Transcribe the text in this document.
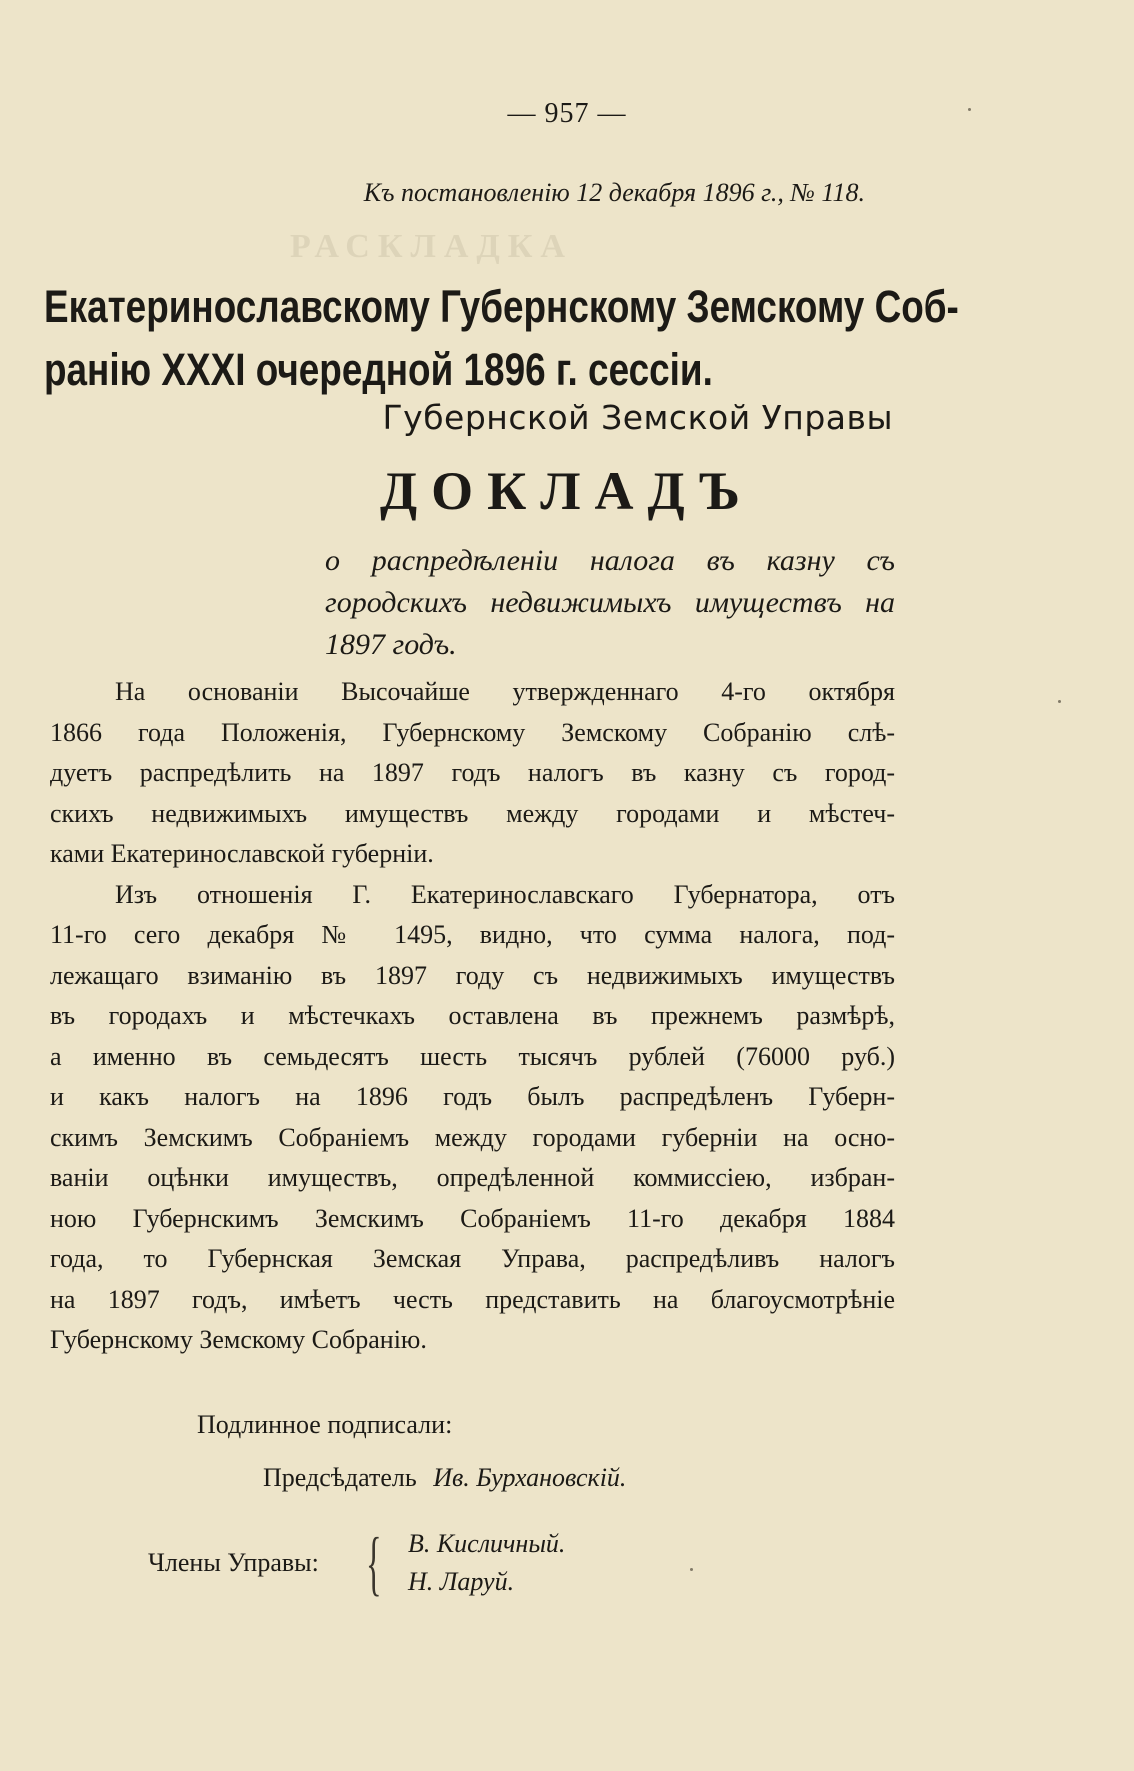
РАСКЛАДКА
— 957 —
Къ постановленію 12 декабря 1896 г., № 118.
Екатеринославскому Губернскому Земскому Соб-
ранію XXXI очередной 1896 г. сессіи.
Губернской Земской Управы
ДОКЛАДЪ
о распредѣленіи налога въ казну съ
городскихъ недвижимыхъ имуществъ на
1897 годъ.
На основаніи Высочайше утвержденнаго 4-го октября
1866 года Положенія, Губернскому Земскому Собранію слѣ-
дуетъ распредѣлить на 1897 годъ налогъ въ казну съ город-
скихъ недвижимыхъ имуществъ между городами и мѣстеч-
ками Екатеринославской губерніи.
Изъ отношенія Г. Екатеринославскаго Губернатора, отъ
11-го сего декабря № 1495, видно, что сумма налога, под-
лежащаго взиманію въ 1897 году съ недвижимыхъ имуществъ
въ городахъ и мѣстечкахъ оставлена въ прежнемъ размѣрѣ,
а именно въ семьдесятъ шесть тысячъ рублей (76000 руб.)
и какъ налогъ на 1896 годъ былъ распредѣленъ Губерн-
скимъ Земскимъ Собраніемъ между городами губерніи на осно-
ваніи оцѣнки имуществъ, опредѣленной коммиссіею, избран-
ною Губернскимъ Земскимъ Собраніемъ 11-го декабря 1884
года, то Губернская Земская Управа, распредѣливъ налогъ
на 1897 годъ, имѣетъ честь представить на благоусмотрѣніе
Губернскому Земскому Собранію.
Подлинное подписали:
Предсѣдатель Ив. Бурхановскій.
Члены Управы: { В. Кисличный.
Н. Ларуй.
